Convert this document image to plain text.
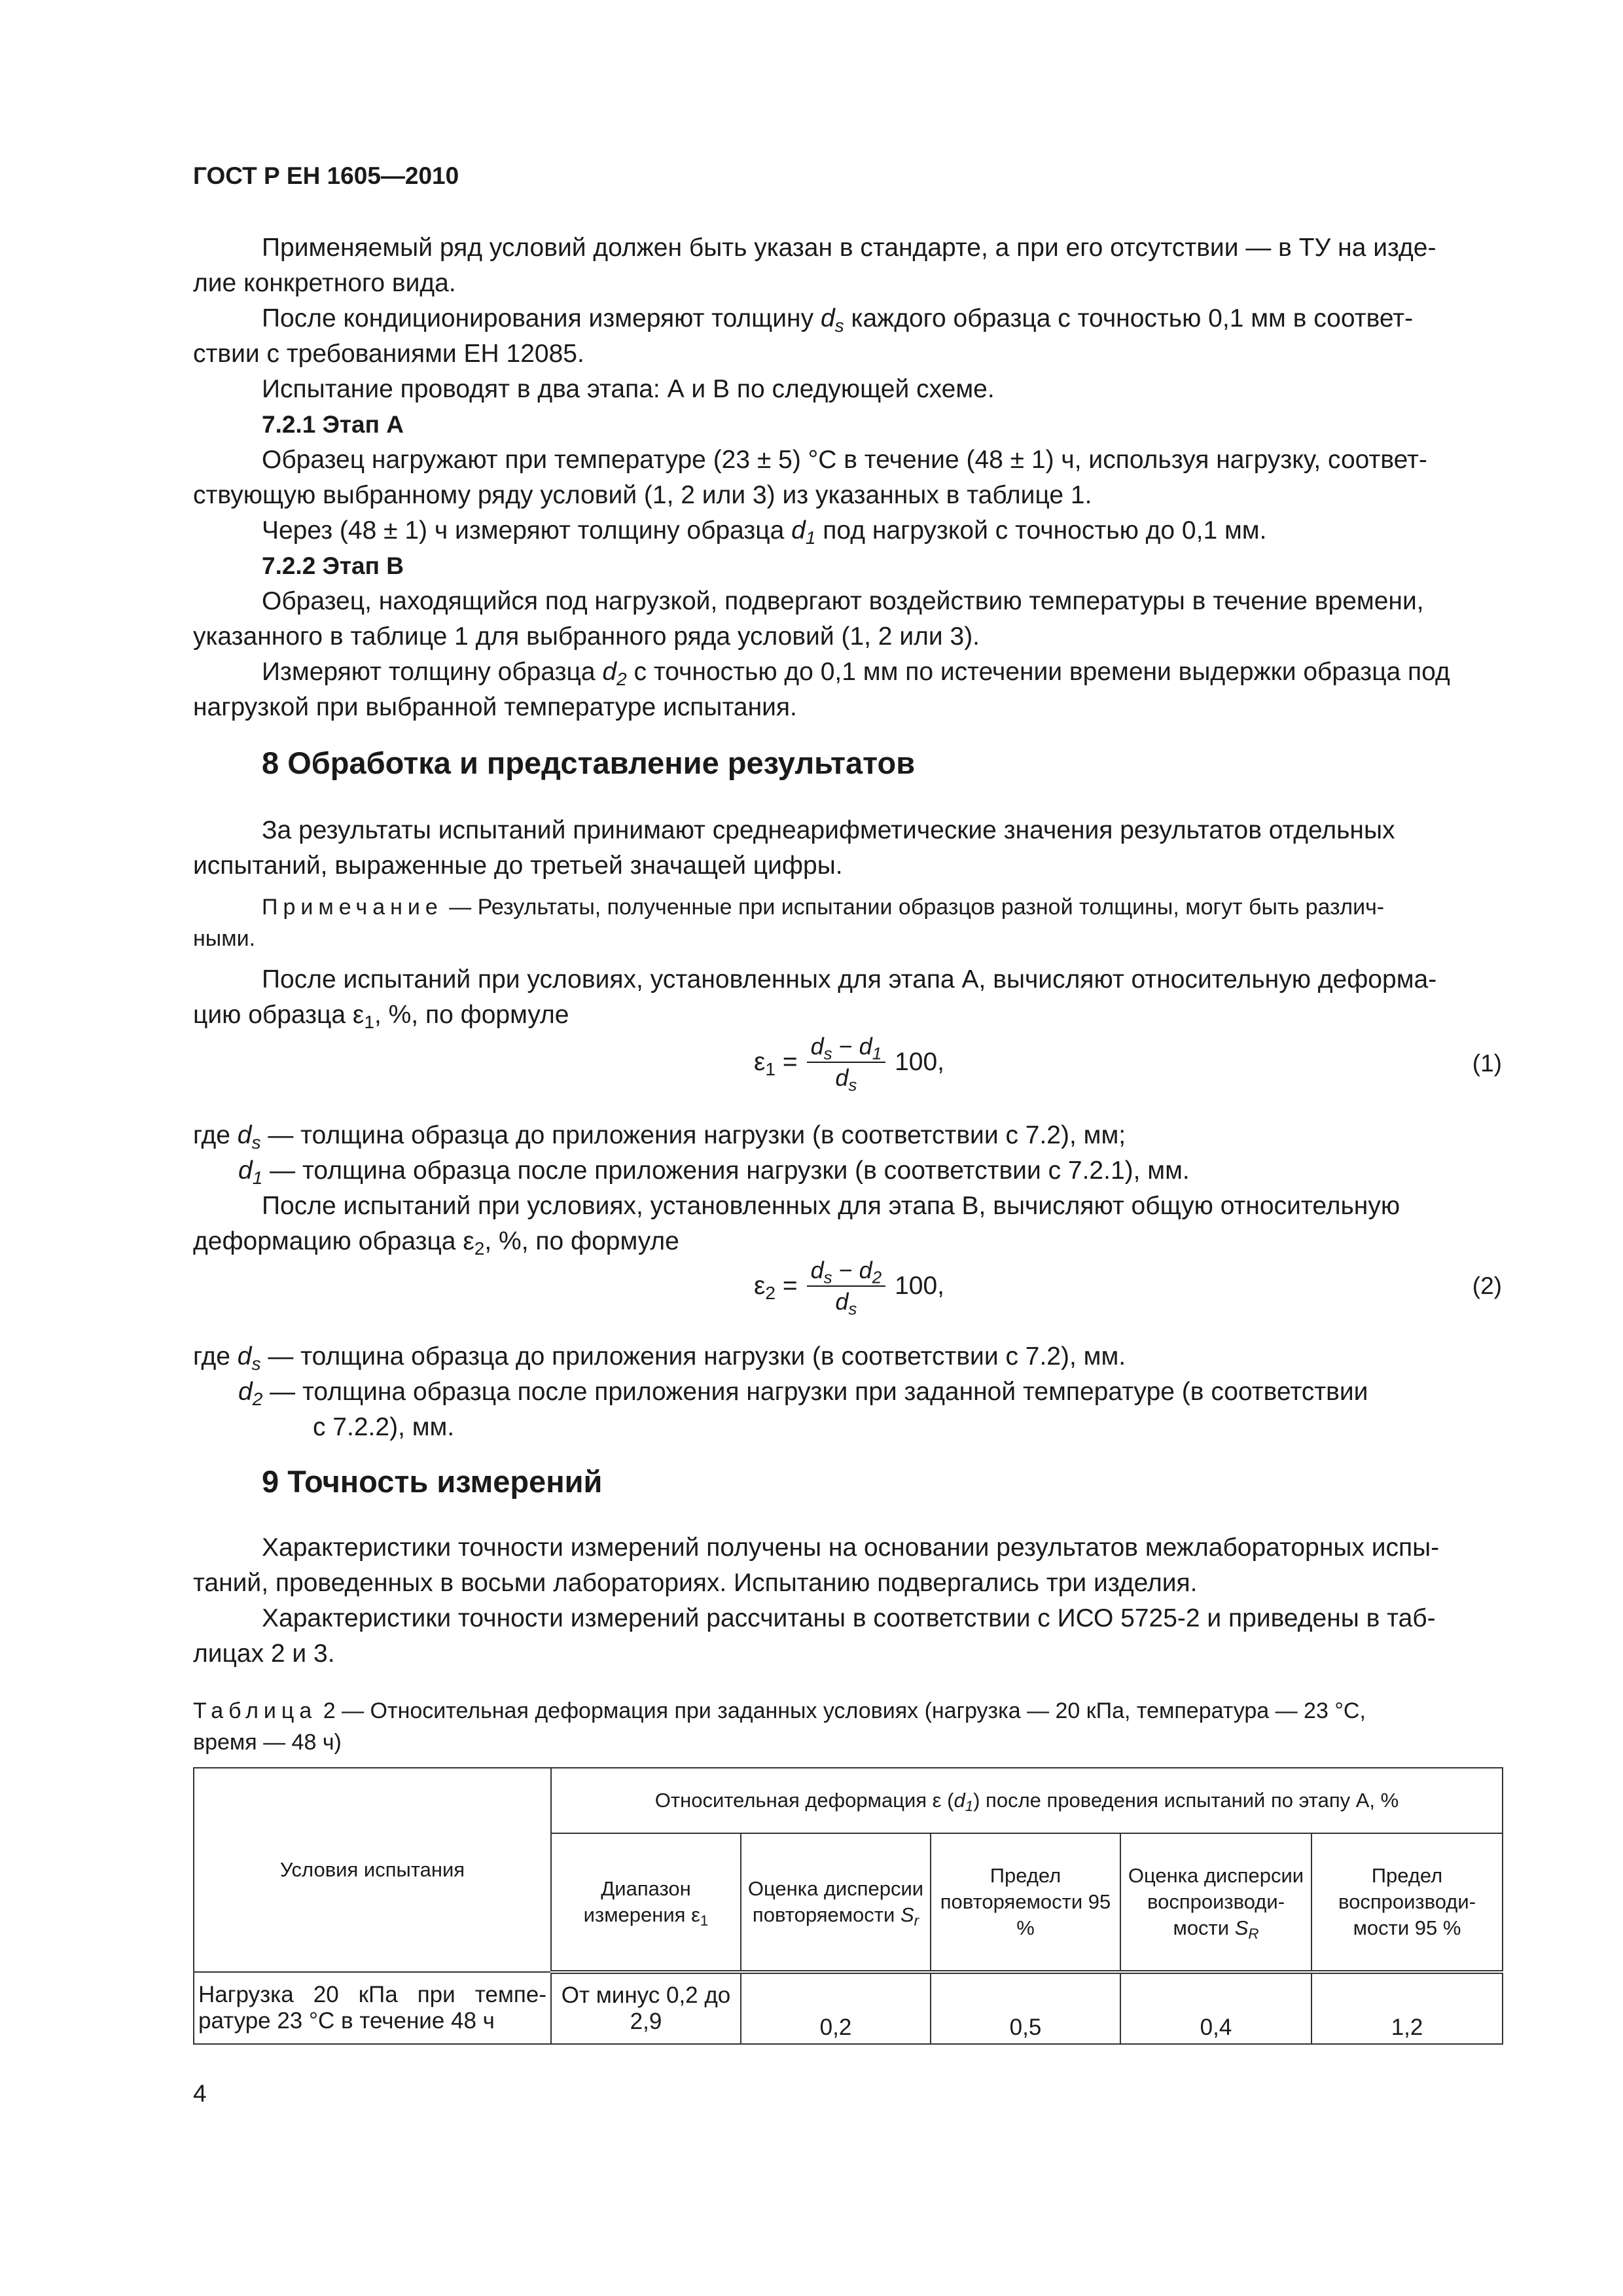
ГОСТ Р ЕН 1605—2010
Применяемый ряд условий должен быть указан в стандарте, а при его отсутствии — в ТУ на изде-
лие конкретного вида.
После кондиционирования измеряют толщину $d_s$ каждого образца с точностью 0,1 мм в соответ-
ствии с требованиями ЕН 12085.
Испытание проводят в два этапа: А и В по следующей схеме.
7.2.1 Этап А
Образец нагружают при температуре (23 ± 5) °С в течение (48 ± 1) ч, используя нагрузку, соответ-
ствующую выбранному ряду условий (1, 2 или 3) из указанных в таблице 1.
Через (48 ± 1) ч измеряют толщину образца $d_1$ под нагрузкой с точностью до 0,1 мм.
7.2.2 Этап В
Образец, находящийся под нагрузкой, подвергают воздействию температуры в течение времени,
указанного в таблице 1 для выбранного ряда условий (1, 2 или 3).
Измеряют толщину образца $d_2$ с точностью до 0,1 мм по истечении времени выдержки образца под
нагрузкой при выбранной температуре испытания.
8 Обработка и представление результатов
За результаты испытаний принимают среднеарифметические значения результатов отдельных
испытаний, выраженные до третьей значащей цифры.
Примечание — Результаты, полученные при испытании образцов разной толщины, могут быть различ-
ными.
После испытаний при условиях, установленных для этапа А, вычисляют относительную деформа-
цию образца $\varepsilon_1$, %, по формуле
$\varepsilon_1 = \frac{d_s - d_1}{d_s} 100$,	(1)
где $d_s$ — толщина образца до приложения нагрузки (в соответствии с 7.2), мм;
$d_1$ — толщина образца после приложения нагрузки (в соответствии с 7.2.1), мм.
После испытаний при условиях, установленных для этапа В, вычисляют общую относительную
деформацию образца $\varepsilon_2$, %, по формуле
$\varepsilon_2 = \frac{d_s - d_2}{d_s} 100$,	(2)
где $d_s$ — толщина образца до приложения нагрузки (в соответствии с 7.2), мм.
$d_2$ — толщина образца после приложения нагрузки при заданной температуре (в соответствии
с 7.2.2), мм.
9 Точность измерений
Характеристики точности измерений получены на основании результатов межлабораторных испы-
таний, проведенных в восьми лабораториях. Испытанию подвергались три изделия.
Характеристики точности измерений рассчитаны в соответствии с ИСО 5725-2 и приведены в таб-
лицах 2 и 3.
Таблица 2 — Относительная деформация при заданных условиях (нагрузка — 20 кПа, температура — 23 °С,
время — 48 ч)
Условия испытания	Относительная деформация ε $(d_1)$ после проведения испытаний по этапу А, %				
	Диапазон измерения $\varepsilon_1$	Оценка дисперсии повторяемости $S_r$	Предел повторяемости 95 %	Оценка дисперсии воспроизводи-мости $S_R$	Предел воспроизводи-мости 95 %
Нагрузка 20 кПа при темпе-ратуре 23 °С в течение 48 ч	От минус 0,2 до 2,9	0,2	0,5	0,4	1,2
4
